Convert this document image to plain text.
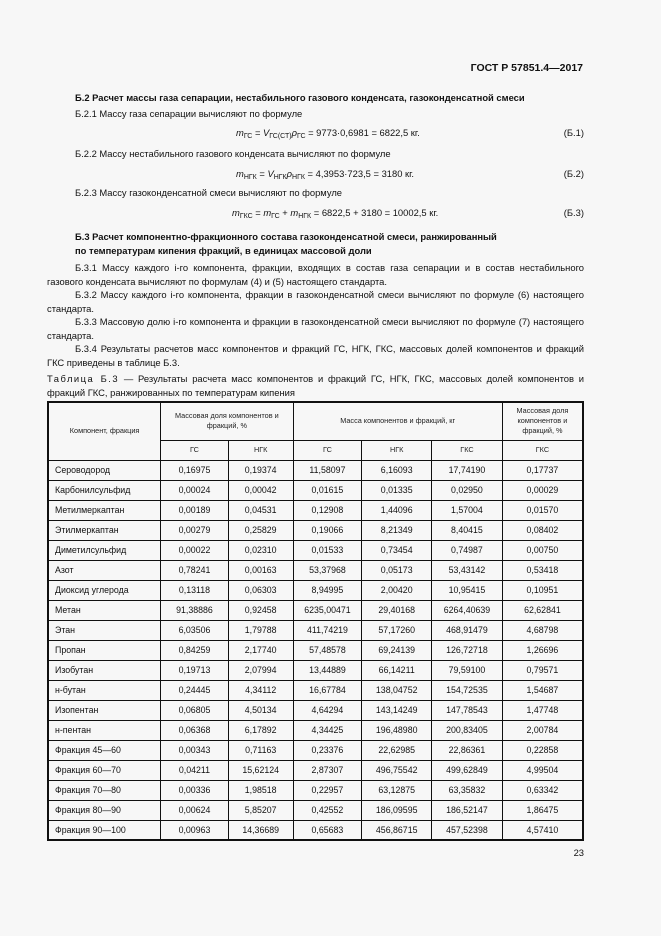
ГОСТ Р 57851.4—2017
Б.2 Расчет массы газа сепарации, нестабильного газового конденсата, газоконденсатной смеси
Б.2.1 Массу газа сепарации вычисляют по формуле
$m_{ГС} = V_{ГС(СТ)}\rho_{ГС} = 9773\cdot 0,6981 = 6822,5$ кг.	(Б.1)
Б.2.2 Массу нестабильного газового конденсата вычисляют по формуле
$m_{НГК} = V_{НГК}\rho_{НГК} = 4,3953\cdot 723,5 = 3180$ кг.	(Б.2)
Б.2.3 Массу газоконденсатной смеси вычисляют по формуле
$m_{ГКС} = m_{ГС} + m_{НГК} = 6822,5 + 3180 = 10002,5$ кг.	(Б.3)
Б.3 Расчет компонентно-фракционного состава газоконденсатной смеси, ранжированный
по температурам кипения фракций, в единицах массовой доли

Б.3.1 Массу каждого i-го компонента, фракции, входящих в состав газа сепарации и в состав нестабильного газового конденсата вычисляют по формулам (4) и (5) настоящего стандарта.

Б.3.2 Массу каждого i-го компонента, фракции в газоконденсатной смеси вычисляют по формуле (6) настоящего стандарта.

Б.3.3 Массовую долю i-го компонента и фракции в газоконденсатной смеси вычисляют по формуле (7) настоящего стандарта.

Б.3.4 Результаты расчетов масс компонентов и фракций ГС, НГК, ГКС, массовых долей компонентов и фракций ГКС приведены в таблице Б.3.

Таблица Б.3 — Результаты расчета масс компонентов и фракций ГС, НГК, ГКС, массовых долей компонентов и фракций ГКС, ранжированных по температурам кипения

Компонент, фракция	Массовая доля компонентов и фракций, %		Масса компонентов и фракций, кг			Массовая доля компонентов и фракций, %
	ГС	НГК	ГС	НГК	ГКС	ГКС
Сероводород	0,16975	0,19374	11,58097	6,16093	17,74190	0,17737
Карбонилсульфид	0,00024	0,00042	0,01615	0,01335	0,02950	0,00029
Метилмеркаптан	0,00189	0,04531	0,12908	1,44096	1,57004	0,01570
Этилмеркаптан	0,00279	0,25829	0,19066	8,21349	8,40415	0,08402
Диметилсульфид	0,00022	0,02310	0,01533	0,73454	0,74987	0,00750
Азот	0,78241	0,00163	53,37968	0,05173	53,43142	0,53418
Диоксид углерода	0,13118	0,06303	8,94995	2,00420	10,95415	0,10951
Метан	91,38886	0,92458	6235,00471	29,40168	6264,40639	62,62841
Этан	6,03506	1,79788	411,74219	57,17260	468,91479	4,68798
Пропан	0,84259	2,17740	57,48578	69,24139	126,72718	1,26696
Изобутан	0,19713	2,07994	13,44889	66,14211	79,59100	0,79571
н-бутан	0,24445	4,34112	16,67784	138,04752	154,72535	1,54687
Изопентан	0,06805	4,50134	4,64294	143,14249	147,78543	1,47748
н-пентан	0,06368	6,17892	4,34425	196,48980	200,83405	2,00784
Фракция 45—60	0,00343	0,71163	0,23376	22,62985	22,86361	0,22858
Фракция 60—70	0,04211	15,62124	2,87307	496,75542	499,62849	4,99504
Фракция 70—80	0,00336	1,98518	0,22957	63,12875	63,35832	0,63342
Фракция 80—90	0,00624	5,85207	0,42552	186,09595	186,52147	1,86475
Фракция 90—100	0,00963	14,36689	0,65683	456,86715	457,52398	4,57410
23
